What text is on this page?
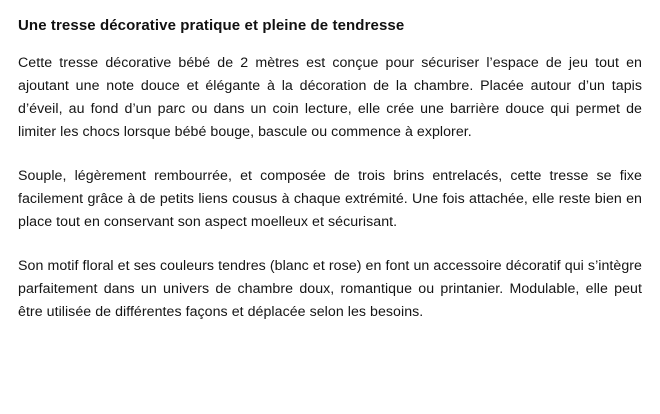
Une tresse décorative pratique et pleine de tendresse

Cette tresse décorative bébé de 2 mètres est conçue pour sécuriser l’espace de jeu tout en ajoutant une note douce et élégante à la décoration de la chambre. Placée autour d’un tapis d’éveil, au fond d’un parc ou dans un coin lecture, elle crée une barrière douce qui permet de limiter les chocs lorsque bébé bouge, bascule ou commence à explorer.

Souple, légèrement rembourrée, et composée de trois brins entrelacés, cette tresse se fixe facilement grâce à de petits liens cousus à chaque extrémité. Une fois attachée, elle reste bien en place tout en conservant son aspect moelleux et sécurisant.

Son motif floral et ses couleurs tendres (blanc et rose) en font un accessoire décoratif qui s’intègre parfaitement dans un univers de chambre doux, romantique ou printanier. Modulable, elle peut être utilisée de différentes façons et déplacée selon les besoins.
